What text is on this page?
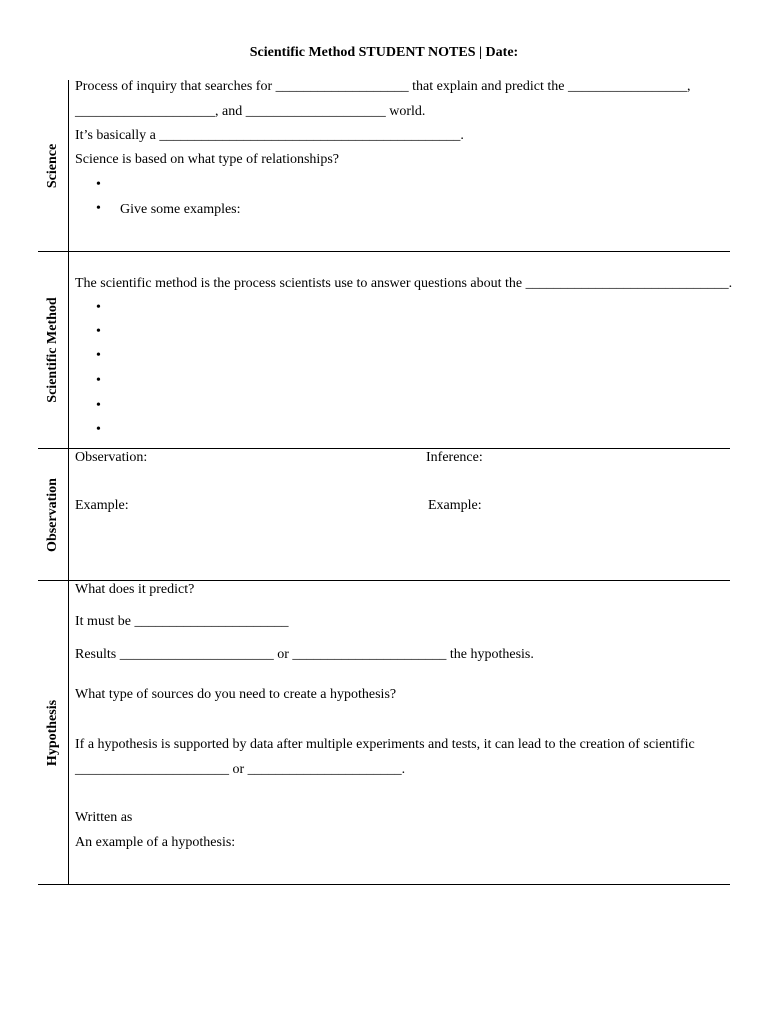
Scientific Method STUDENT NOTES | Date:
Science
Process of inquiry that searches for ___________________ that explain and predict the _________________,
____________________, and ____________________ world.
It’s basically a ___________________________________________.
Science is based on what type of relationships?
•
• Give some examples:
Scientific Method
The scientific method is the process scientists use to answer questions about the _____________________________.
•
•
•
•
•
•
Observation
Observation:	Inference:
Example:	Example:
Hypothesis
What does it predict?
It must be ______________________
Results ______________________ or ______________________ the hypothesis.
What type of sources do you need to create a hypothesis?
If a hypothesis is supported by data after multiple experiments and tests, it can lead to the creation of scientific
______________________ or ______________________.
Written as
An example of a hypothesis:
